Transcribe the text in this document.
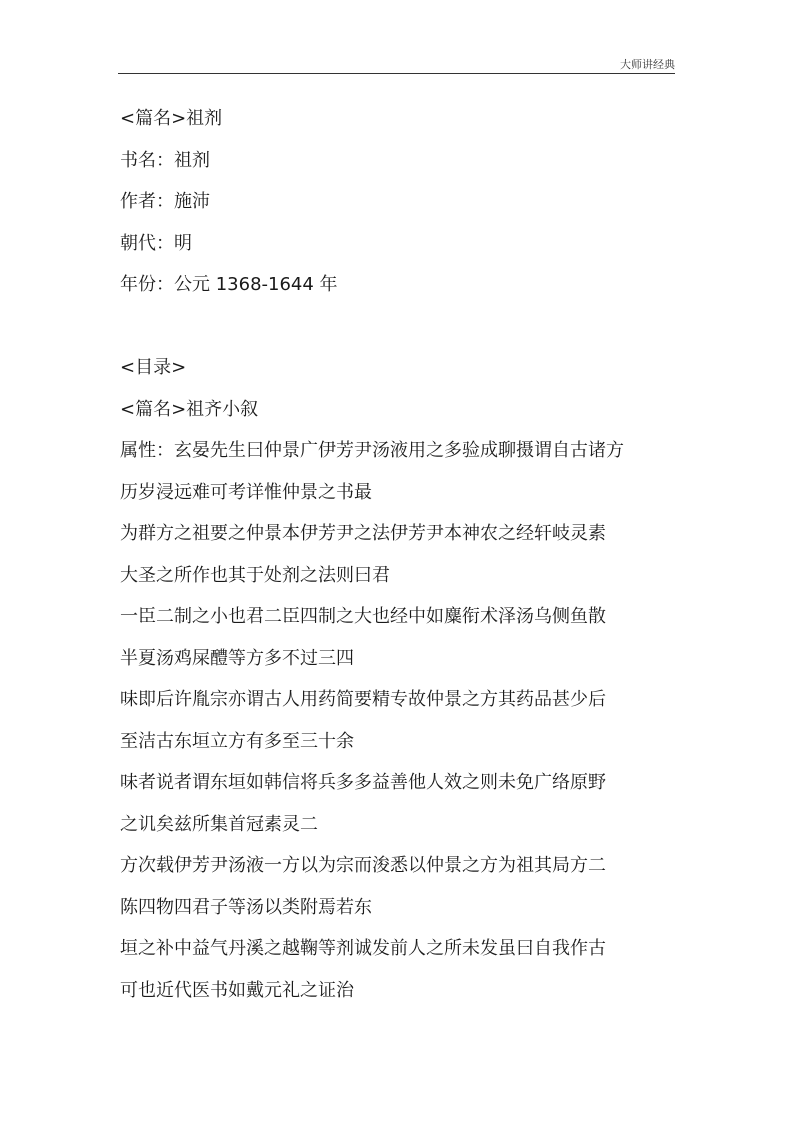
大师讲经典
<篇名>祖剂
书名：祖剂
作者：施沛
朝代：明
年份：公元 1368-1644 年
<目录>
<篇名>祖齐小叙
属性：玄晏先生曰仲景广伊芳尹汤液用之多验成聊摄谓自古诸方
历岁浸远难可考详惟仲景之书最
为群方之祖要之仲景本伊芳尹之法伊芳尹本神农之经轩岐灵素
大圣之所作也其于处剂之法则曰君
一臣二制之小也君二臣四制之大也经中如麋衔术泽汤乌侧鱼散
半夏汤鸡屎醴等方多不过三四
味即后许胤宗亦谓古人用药简要精专故仲景之方其药品甚少后
至洁古东垣立方有多至三十余
味者说者谓东垣如韩信将兵多多益善他人效之则未免广络原野
之讥矣兹所集首冠素灵二
方次载伊芳尹汤液一方以为宗而浚悉以仲景之方为祖其局方二
陈四物四君子等汤以类附焉若东
垣之补中益气丹溪之越鞠等剂诚发前人之所未发虽曰自我作古
可也近代医书如戴元礼之证治
